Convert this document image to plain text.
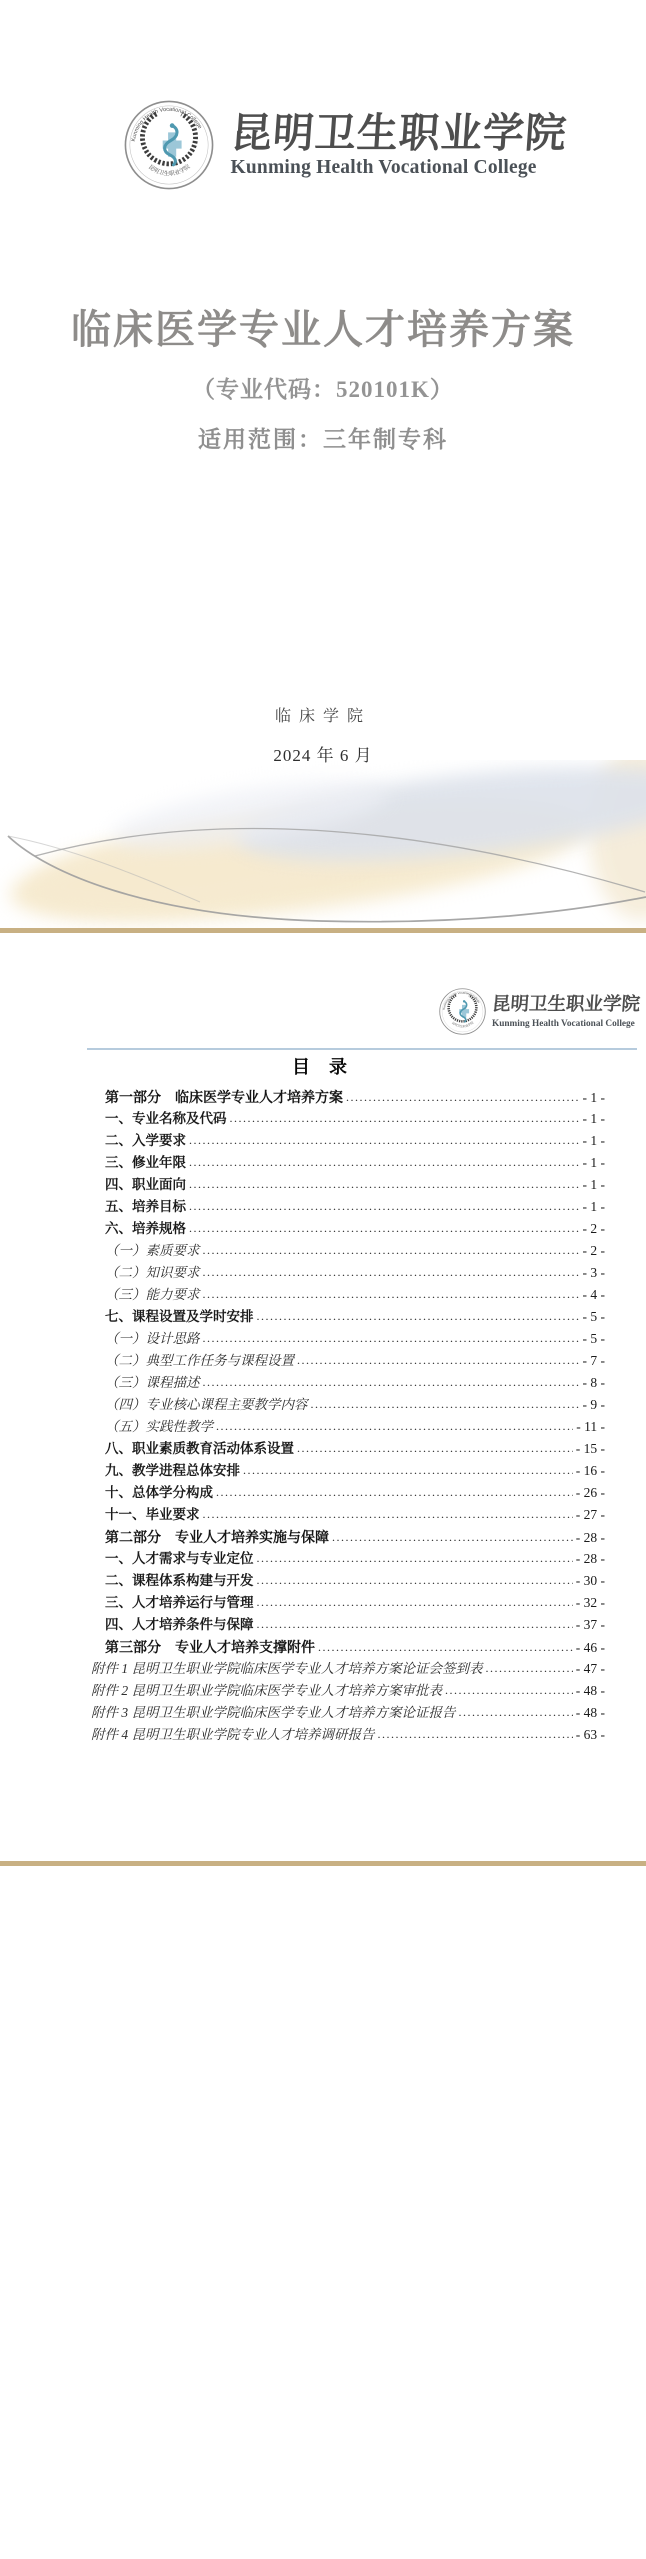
昆明卫生职业学院
Kunming Health Vocational College
临床医学专业人才培养方案
（专业代码：520101K）
适用范围：三年制专科
临床学院
2024 年 6 月
昆明卫生职业学院
Kunming Health Vocational College
目 录
第一部分　临床医学专业人才培养方案 .....	- 1 -
一、专业名称及代码 .....	- 1 -
二、入学要求 .....	- 1 -
三、修业年限 .....	- 1 -
四、职业面向 .....	- 1 -
五、培养目标 .....	- 1 -
六、培养规格 .....	- 2 -
（一）素质要求 .....	- 2 -
（二）知识要求 .....	- 3 -
（三）能力要求 .....	- 4 -
七、课程设置及学时安排 .....	- 5 -
（一）设计思路 .....	- 5 -
（二）典型工作任务与课程设置 .....	- 7 -
（三）课程描述 .....	- 8 -
（四）专业核心课程主要教学内容 .....	- 9 -
（五）实践性教学 .....	- 11 -
八、职业素质教育活动体系设置 .....	- 15 -
九、教学进程总体安排 .....	- 16 -
十、总体学分构成 .....	- 26 -
十一、毕业要求 .....	- 27 -
第二部分　专业人才培养实施与保障 .....	- 28 -
一、人才需求与专业定位 .....	- 28 -
二、课程体系构建与开发 .....	- 30 -
三、人才培养运行与管理 .....	- 32 -
四、人才培养条件与保障 .....	- 37 -
第三部分　专业人才培养支撑附件 .....	- 46 -
附件 1 昆明卫生职业学院临床医学专业人才培养方案论证会签到表 .....	- 47 -
附件 2 昆明卫生职业学院临床医学专业人才培养方案审批表 .....	- 48 -
附件 3 昆明卫生职业学院临床医学专业人才培养方案论证报告 .....	- 48 -
附件 4 昆明卫生职业学院专业人才培养调研报告 .....	- 63 -
